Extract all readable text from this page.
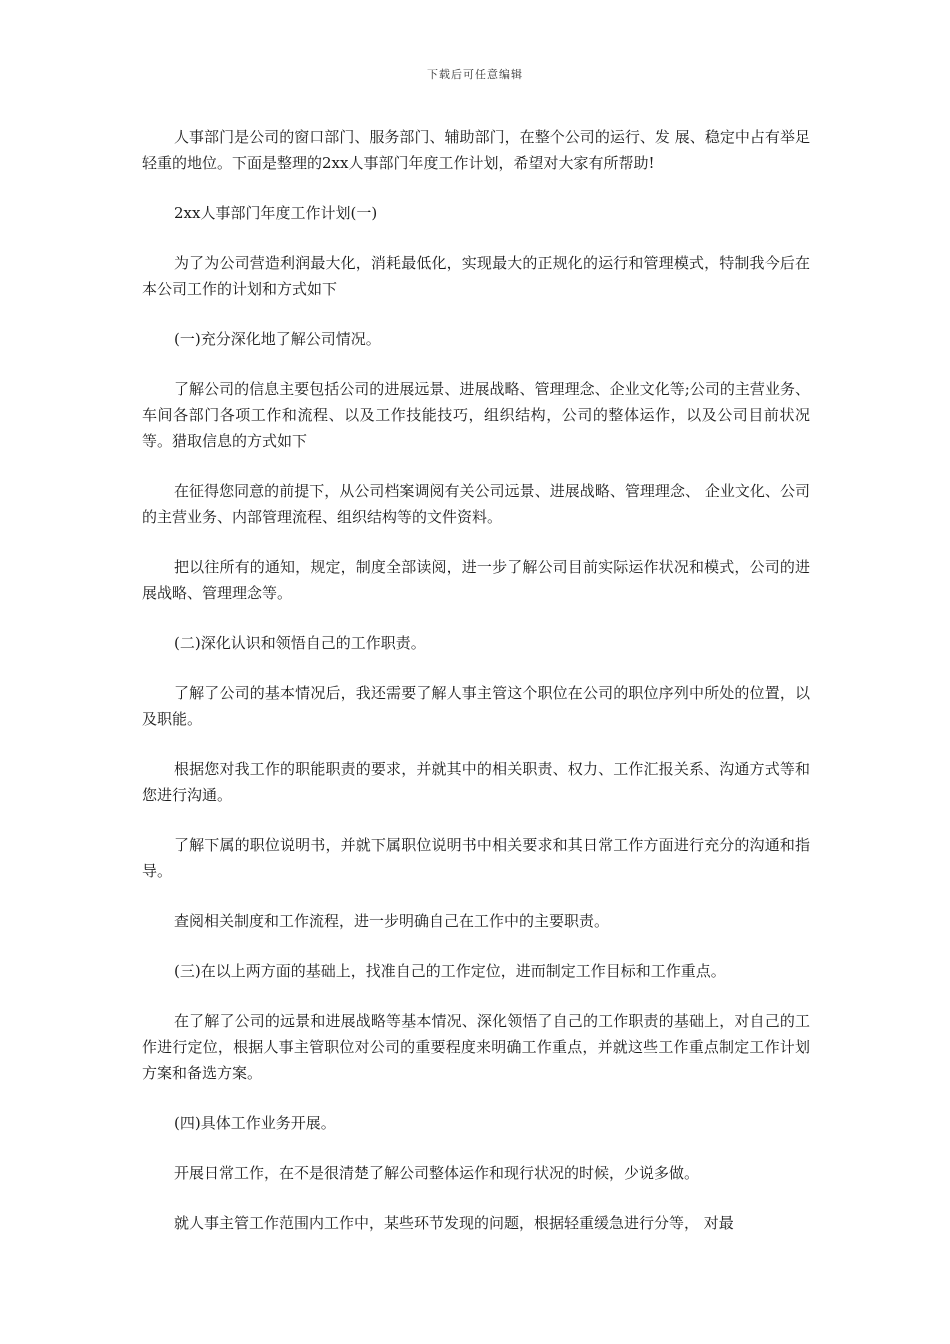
下载后可任意编辑

人事部门是公司的窗口部门、服务部门、辅助部门，在整个公司的运行、发 展、稳定中占有举足轻重的地位。下面是整理的2xx人事部门年度工作计划，希望对大家有所帮助!

2xx人事部门年度工作计划(一)

为了为公司营造利润最大化，消耗最低化，实现最大的正规化的运行和管理模式，特制我今后在本公司工作的计划和方式如下

(一)充分深化地了解公司情况。

了解公司的信息主要包括公司的进展远景、进展战略、管理理念、企业文化等;公司的主营业务、车间各部门各项工作和流程、以及工作技能技巧，组织结构，公司的整体运作，以及公司目前状况等。猎取信息的方式如下

在征得您同意的前提下，从公司档案调阅有关公司远景、进展战略、管理理念、 企业文化、公司的主营业务、内部管理流程、组织结构等的文件资料。

把以往所有的通知，规定，制度全部读阅，进一步了解公司目前实际运作状况和模式，公司的进展战略、管理理念等。

(二)深化认识和领悟自己的工作职责。

了解了公司的基本情况后，我还需要了解人事主管这个职位在公司的职位序列中所处的位置，以及职能。

根据您对我工作的职能职责的要求，并就其中的相关职责、权力、工作汇报关系、沟通方式等和您进行沟通。

了解下属的职位说明书，并就下属职位说明书中相关要求和其日常工作方面进行充分的沟通和指导。

查阅相关制度和工作流程，进一步明确自己在工作中的主要职责。

(三)在以上两方面的基础上，找准自己的工作定位，进而制定工作目标和工作重点。

在了解了公司的远景和进展战略等基本情况、深化领悟了自己的工作职责的基础上，对自己的工作进行定位，根据人事主管职位对公司的重要程度来明确工作重点，并就这些工作重点制定工作计划方案和备选方案。

(四)具体工作业务开展。

开展日常工作，在不是很清楚了解公司整体运作和现行状况的时候，少说多做。

就人事主管工作范围内工作中，某些环节发现的问题，根据轻重缓急进行分等， 对最
